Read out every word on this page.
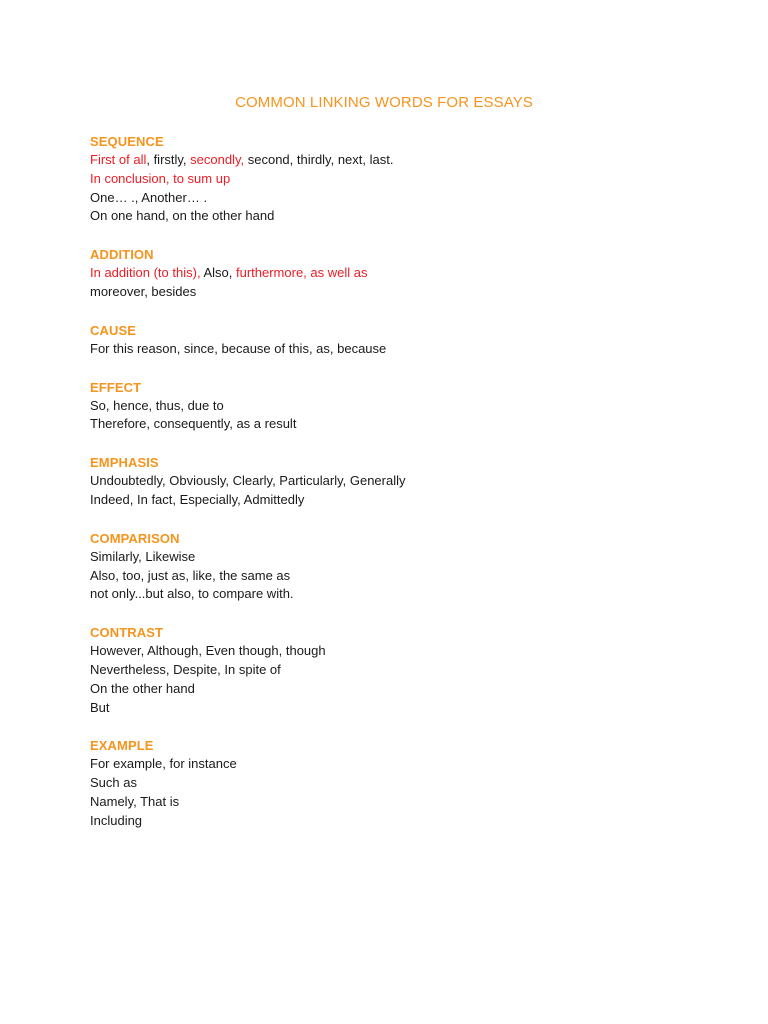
COMMON LINKING WORDS FOR ESSAYS
SEQUENCE
First of all, firstly, secondly, second, thirdly, next, last.
In conclusion, to sum up
One… ., Another… .
On one hand, on the other hand
ADDITION
In addition (to this), Also, furthermore, as well as
moreover, besides
CAUSE
For this reason, since, because of this, as, because
EFFECT
So, hence, thus, due to
Therefore, consequently, as a result
EMPHASIS
Undoubtedly, Obviously, Clearly, Particularly, Generally
Indeed, In fact, Especially, Admittedly
COMPARISON
Similarly, Likewise
Also, too, just as, like, the same as
not only...but also, to compare with.
CONTRAST
However, Although, Even though, though
Nevertheless, Despite, In spite of
On the other hand
But
EXAMPLE
For example, for instance
Such as
Namely, That is
Including
